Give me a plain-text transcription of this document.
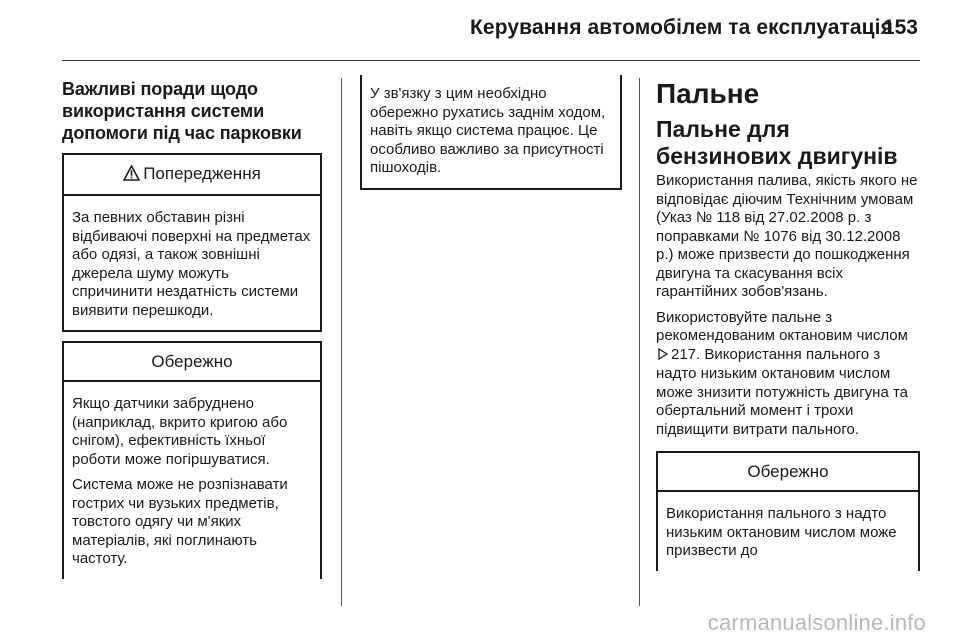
Керування автомобілем та експлуатація
153
Важливі поради щодо використання системи допомоги під час парковки
Попередження

За певних обставин різні відбиваючі поверхні на предметах або одязі, а також зовнішні джерела шуму можуть спричинити нездатність системи виявити перешкоди.

Обережно

Якщо датчики забруднено (наприклад, вкрито кригою або снігом), ефективність їхньої роботи може погіршуватися.

Система може не розпізнавати гострих чи вузьких предметів, товстого одягу чи м'яких матеріалів, які поглинають частоту.

У зв'язку з цим необхідно обережно рухатись заднім ходом, навіть якщо система працює. Це особливо важливо за присутності пішоходів.

Пальне
Пальне для бензинових двигунів

Використання палива, якість якого не відповідає діючим Технічним умовам (Указ № 118 від 27.02.2008 р. з поправками № 1076 від 30.12.2008 р.) може призвести до пошкодження двигуна та скасування всіх гарантійних зобов'язань.

Використовуйте пальне з рекомендованим октановим числом217. Використання пального з надто низьким октановим числом може знизити потужність двигуна та обертальний момент і трохи підвищити витрати пального.

Обережно

Використання пального з надто низьким октановим числом може призвести до

carmanualsonline.info
